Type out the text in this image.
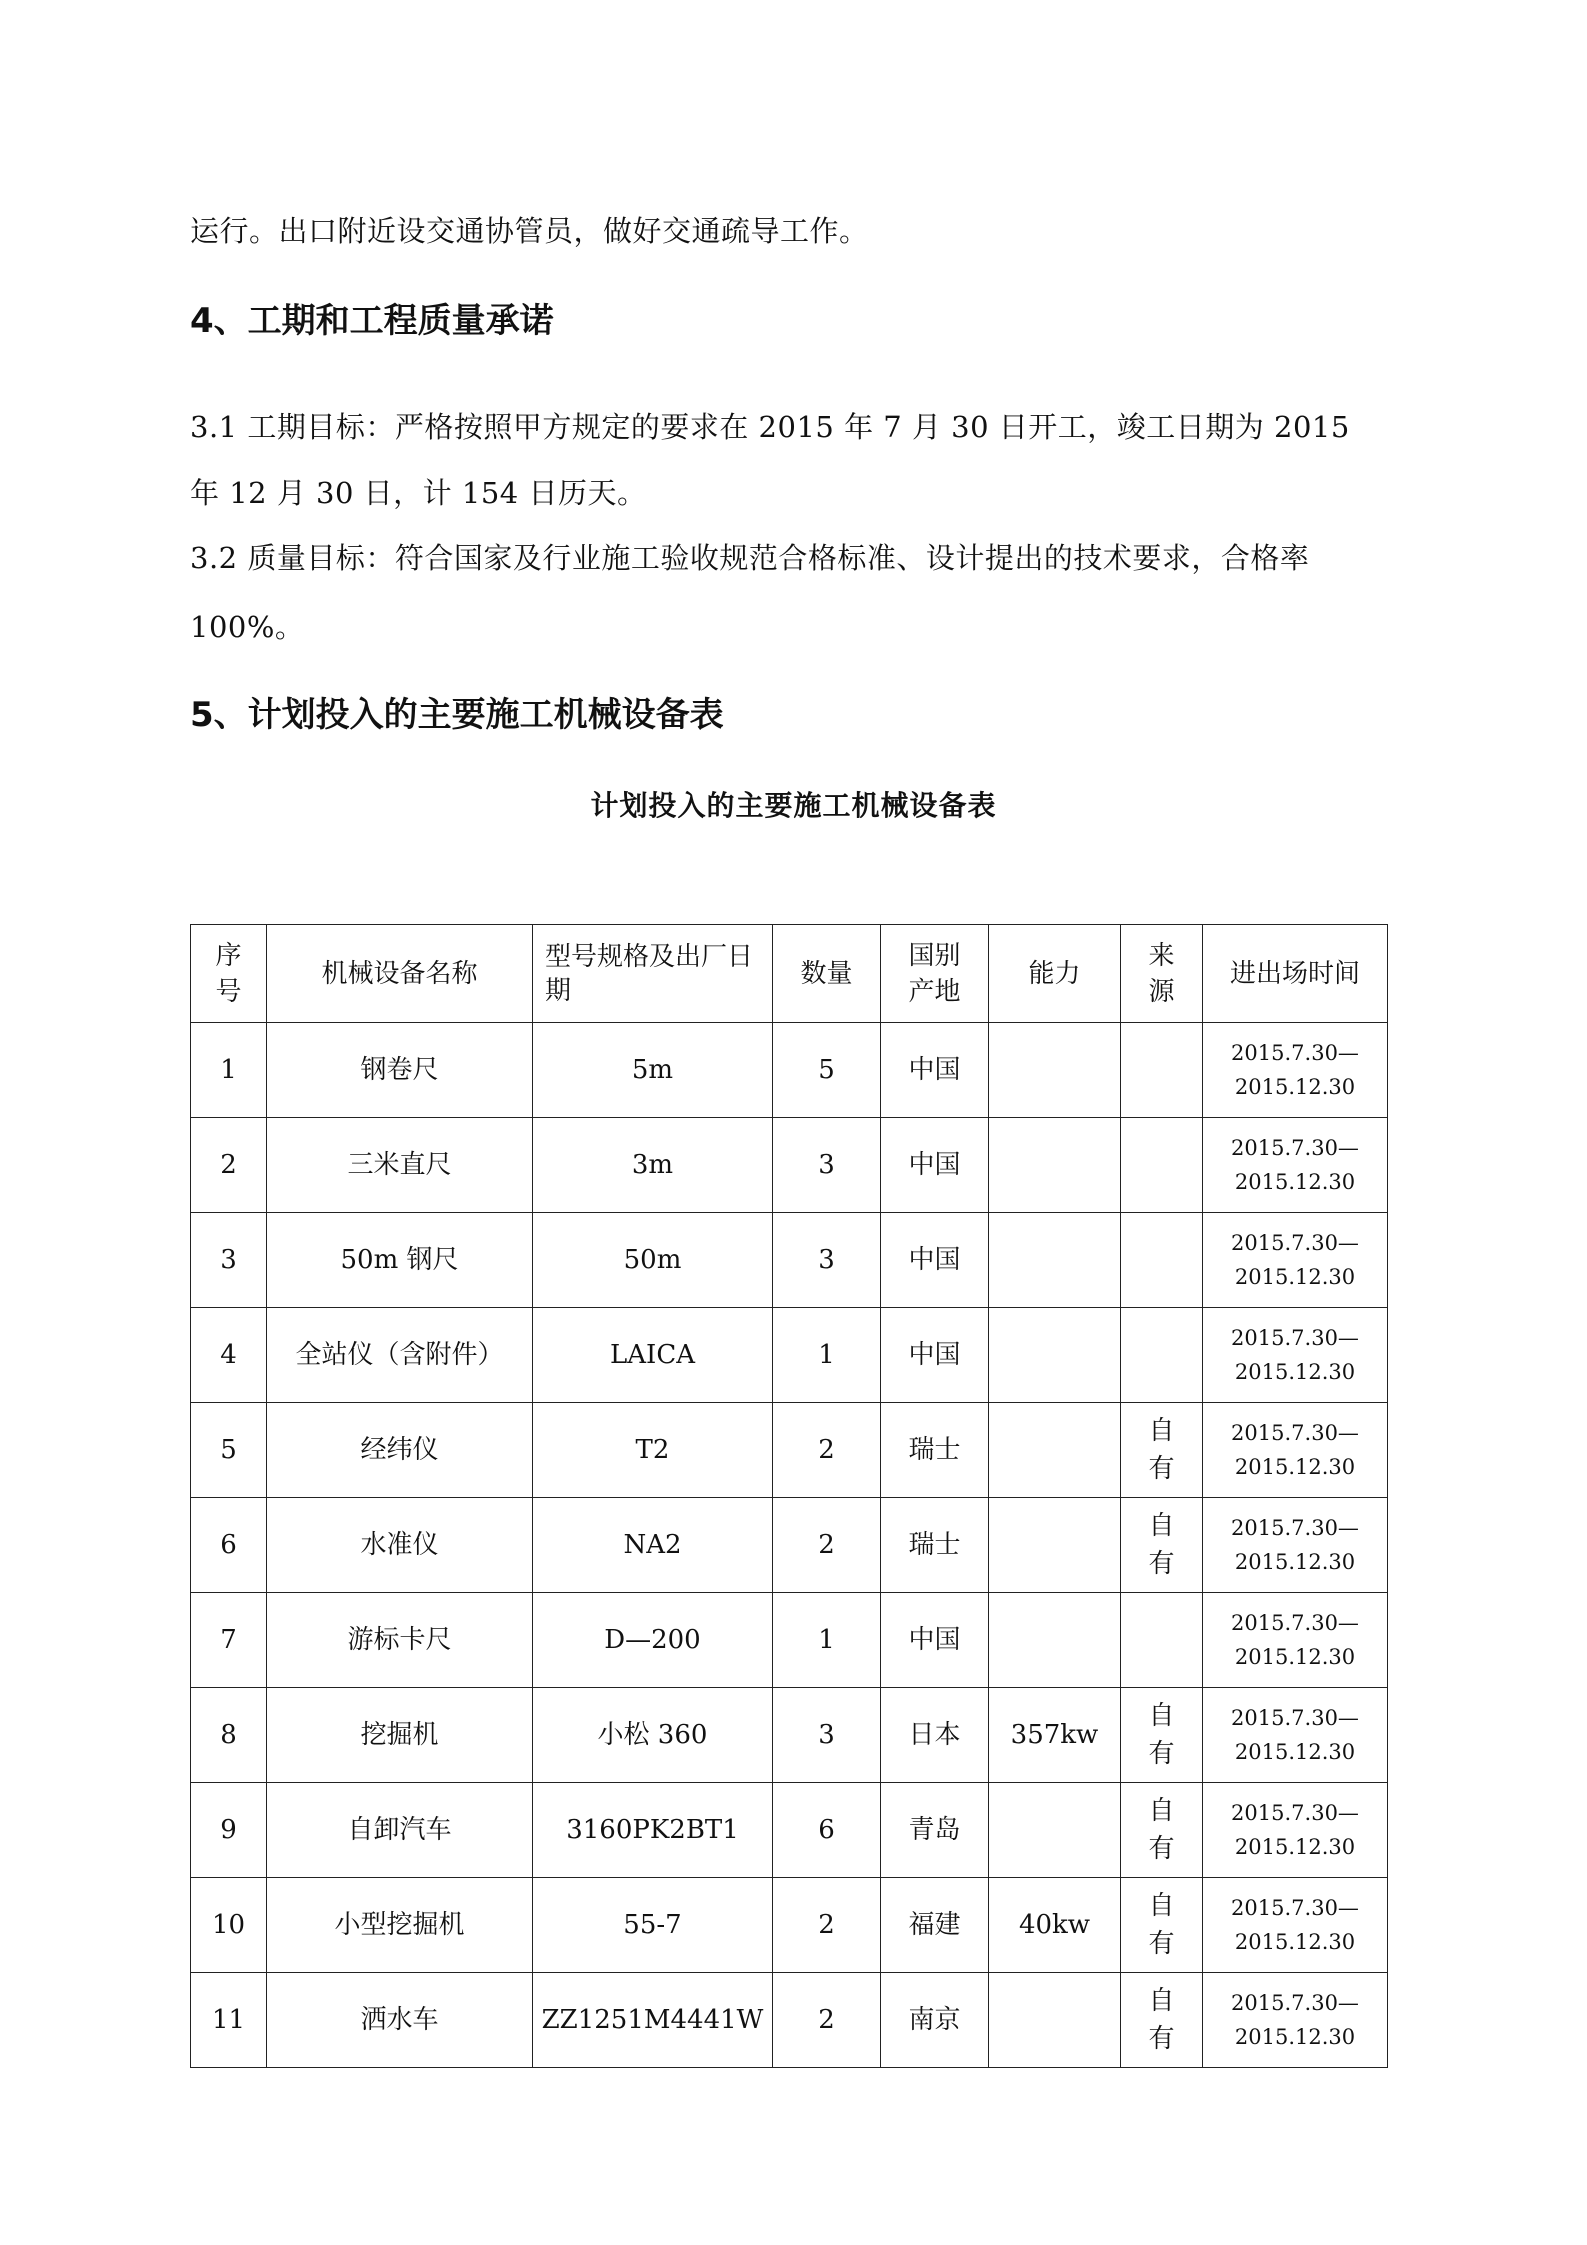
运行。出口附近设交通协管员，做好交通疏导工作。
4、工期和工程质量承诺
3.1 工期目标：严格按照甲方规定的要求在 2015 年 7 月 30 日开工，竣工日期为 2015
年 12 月 30 日，计 154 日历天。
3.2 质量目标：符合国家及行业施工验收规范合格标准、设计提出的技术要求，合格率
100%。
5、计划投入的主要施工机械设备表
计划投入的主要施工机械设备表
序
号	机械设备名称	型号规格及出厂日期	数量	国别
产地	能力	来
源	进出场时间
1	钢卷尺	5m	5	中国			2015.7.30—
2015.12.30

2	三米直尺	3m	3	中国			2015.7.30—
2015.12.30

3	50m 钢尺	50m	3	中国			2015.7.30—
2015.12.30

4	全站仪（含附件）	LAICA	1	中国			2015.7.30—
2015.12.30

5	经纬仪	T2	2	瑞士		自
有	2015.7.30—
2015.12.30

6	水准仪	NA2	2	瑞士		自
有	2015.7.30—
2015.12.30

7	游标卡尺	D—200	1	中国			2015.7.30—
2015.12.30

8	挖掘机	小松 360	3	日本	357kw	自
有	2015.7.30—
2015.12.30

9	自卸汽车	3160PK2BT1	6	青岛		自
有	2015.7.30—
2015.12.30

10	小型挖掘机	55-7	2	福建	40kw	自
有	2015.7.30—
2015.12.30

11	洒水车	ZZ1251M4441W	2	南京		自
有	2015.7.30—
2015.12.30
